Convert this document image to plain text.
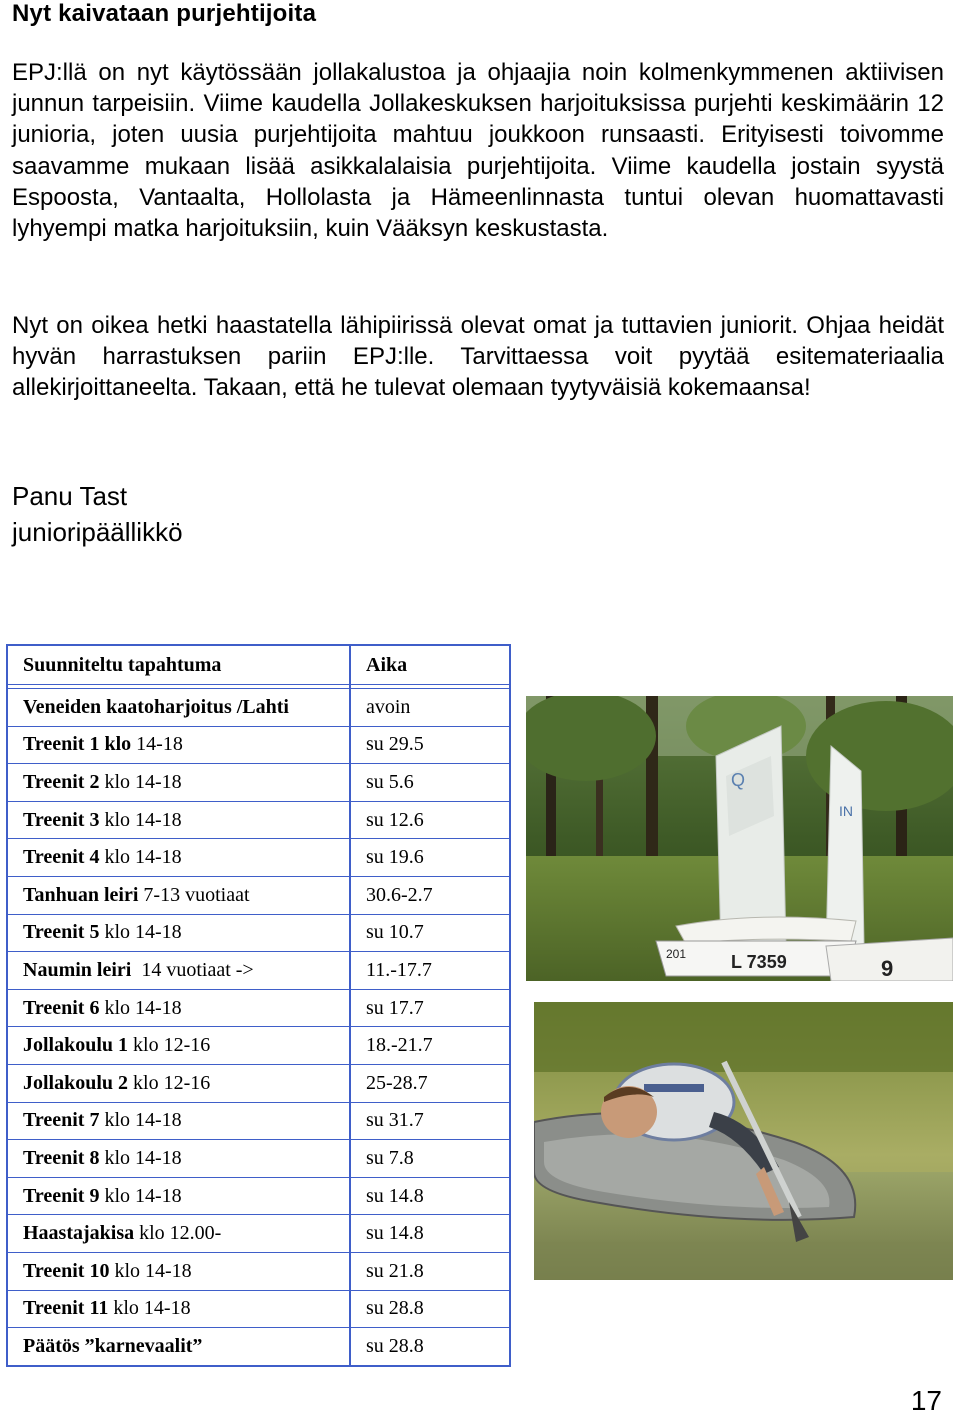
Nyt kaivataan purjehtijoita

EPJ:llä on nyt käytössään jollakalustoa ja ohjaajia noin kolmenkymmenen aktiivisen junnun tarpeisiin. Viime kaudella Jollakeskuksen harjoituksissa purjehti keskimäärin 12 junioria, joten uusia purjehtijoita mahtuu joukkoon runsaasti. Erityisesti toivomme saavamme mukaan lisää asikkalalaisia purjehtijoita. Viime kaudella jostain syystä Espoosta, Vantaalta, Hollolasta ja Hämeenlinnasta tuntui olevan huomattavasti lyhyempi matka harjoituksiin, kuin Vääksyn keskustasta.

Nyt on oikea hetki haastatella lähipiirissä olevat omat ja tuttavien juniorit. Ohjaa heidät hyvän harrastuksen pariin EPJ:lle. Tarvittaessa voit pyytää esitemateriaalia allekirjoittaneelta. Takaan, että he tulevat olemaan tyytyväisiä kokemaansa!

Panu Tast
junioripäällikkö
Suunniteltu tapahtuma	Aika

Veneiden kaatoharjoitus /Lahti	avoin
Treenit 1 klo 14-18	su 29.5
Treenit 2 klo 14-18	su 5.6
Treenit 3 klo 14-18	su 12.6
Treenit 4 klo 14-18	su 19.6
Tanhuan leiri 7-13 vuotiaat	30.6-2.7
Treenit 5 klo 14-18	su 10.7
Naumin leiri  14 vuotiaat ->	11.-17.7
Treenit 6 klo 14-18	su 17.7
Jollakoulu 1 klo 12-16	18.-21.7
Jollakoulu 2 klo 12-16	25-28.7
Treenit 7 klo 14-18	su 31.7
Treenit 8 klo 14-18	su 7.8
Treenit 9 klo 14-18	su 14.8
Haastajakisa klo 12.00-	su 14.8
Treenit 10 klo 14-18	su 21.8
Treenit 11 klo 14-18	su 28.8
Päätös ”karnevaalit”	su 28.8
Q
IN
L 7359
201
9
17
